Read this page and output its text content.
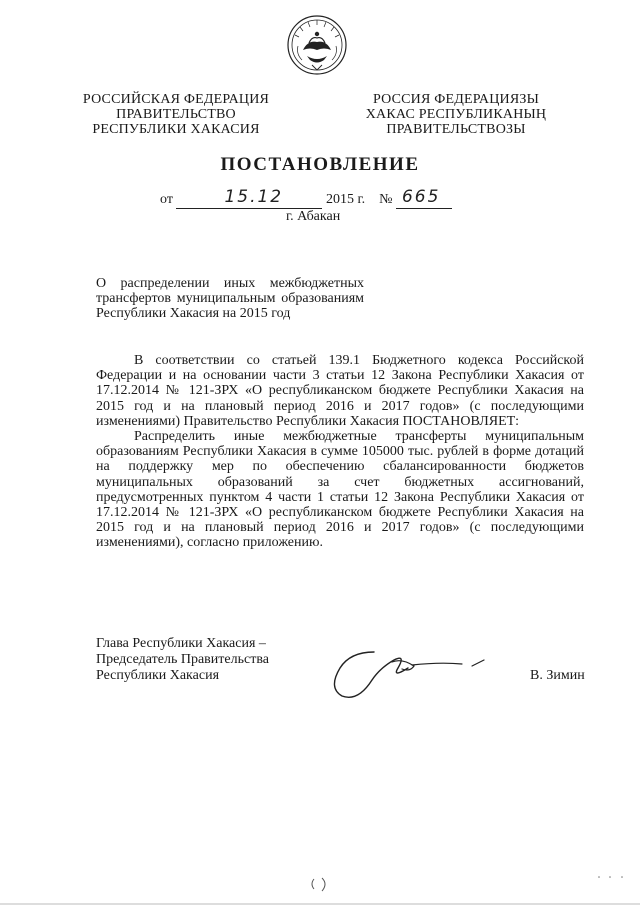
РОССИЙСКАЯ ФЕДЕРАЦИЯ
ПРАВИТЕЛЬСТВО
РЕСПУБЛИКИ ХАКАСИЯ
РОССИЯ ФЕДЕРАЦИЯЗЫ
ХАКАС РЕСПУБЛИКАНЫҢ
ПРАВИТЕЛЬСТВОЗЫ
ПОСТАНОВЛЕНИЕ
от	15.12	2015 г. № 665

г. Абакан
О распределении иных межбюджетных
трансфертов муниципальным образованиям
Республики Хакасия на 2015 год

В соответствии со статьей 139.1 Бюджетного кодекса Российской Федерации и на основании части 3 статьи 12 Закона Республики Хакасия от 17.12.2014 № 121-ЗРХ «О республиканском бюджете Республики Хакасия на 2015 год и на плановый период 2016 и 2017 годов» (с последующими изменениями) Правительство Республики Хакасия ПОСТАНОВЛЯЕТ:

Распределить иные межбюджетные трансферты муниципальным образованиям Республики Хакасия в сумме 105000 тыс. рублей в форме дотаций на поддержку мер по обеспечению сбалансированности бюджетов муниципальных образований за счет бюджетных ассигнований, предусмотренных пунктом 4 части 1 статьи 12 Закона Республики Хакасия от 17.12.2014 № 121-ЗРХ «О республиканском бюджете Республики Хакасия на 2015 год и на плановый период 2016 и 2017 годов» (с последующими изменениями), согласно приложению.

Глава Республики Хакасия –
Председатель Правительства
Республики Хакасия	В. Зимин
